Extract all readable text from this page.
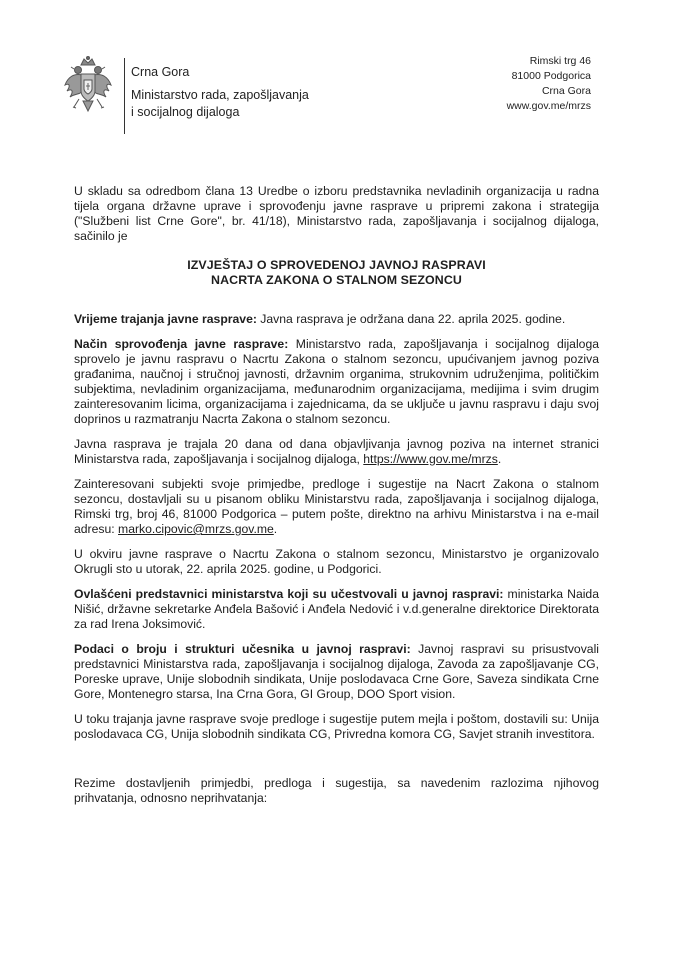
Crna Gora
Ministarstvo rada, zapošljavanja
i socijalnog dijaloga
Rimski trg 46
81000 Podgorica
Crna Gora
www.gov.me/mrzs

U skladu sa odredbom člana 13 Uredbe o izboru predstavnika nevladinih organizacija u radna tijela organa državne uprave i sprovođenju javne rasprave u pripremi zakona i strategija ("Službeni list Crne Gore", br. 41/18), Ministarstvo rada, zapošljavanja i socijalnog dijaloga, sačinilo je

IZVJEŠTAJ O SPROVEDENOJ JAVNOJ RASPRAVI
NACRTA ZAKONA O STALNOM SEZONCU

Vrijeme trajanja javne rasprave: Javna rasprava je održana dana 22. aprila 2025. godine.

Način sprovođenja javne rasprave: Ministarstvo rada, zapošljavanja i socijalnog dijaloga sprovelo je javnu raspravu o Nacrtu Zakona o stalnom sezoncu, upućivanjem javnog poziva građanima, naučnoj i stručnoj javnosti, državnim organima, strukovnim udruženjima, političkim subjektima, nevladinim organizacijama, međunarodnim organizacijama, medijima i svim drugim zainteresovanim licima, organizacijama i zajednicama, da se uključe u javnu raspravu i daju svoj doprinos u razmatranju Nacrta Zakona o stalnom sezoncu.

Javna rasprava je trajala 20 dana od dana objavljivanja javnog poziva na internet stranici Ministarstva rada, zapošljavanja i socijalnog dijaloga, https://www.gov.me/mrzs.

Zainteresovani subjekti svoje primjedbe, predloge i sugestije na Nacrt Zakona o stalnom sezoncu, dostavljali su u pisanom obliku Ministarstvu rada, zapošljavanja i socijalnog dijaloga, Rimski trg, broj 46, 81000 Podgorica – putem pošte, direktno na arhivu Ministarstva i na e-mail adresu: marko.cipovic@mrzs.gov.me.

U okviru javne rasprave o Nacrtu Zakona o stalnom sezoncu, Ministarstvo je organizovalo Okrugli sto u utorak, 22. aprila 2025. godine, u Podgorici.

Ovlašćeni predstavnici ministarstva koji su učestvovali u javnoj raspravi: ministarka Naida Nišić, državne sekretarke Anđela Bašović i Anđela Nedović i v.d.generalne direktorice Direktorata za rad Irena Joksimović.

Podaci o broju i strukturi učesnika u javnoj raspravi: Javnoj raspravi su prisustvovali predstavnici Ministarstva rada, zapošljavanja i socijalnog dijaloga, Zavoda za zapošljavanje CG, Poreske uprave, Unije slobodnih sindikata, Unije poslodavaca Crne Gore, Saveza sindikata Crne Gore, Montenegro starsa, Ina Crna Gora, GI Group, DOO Sport vision.

U toku trajanja javne rasprave svoje predloge i sugestije putem mejla i poštom, dostavili su: Unija poslodavaca CG, Unija slobodnih sindikata CG, Privredna komora CG, Savjet stranih investitora.

Rezime dostavljenih primjedbi, predloga i sugestija, sa navedenim razlozima njihovog prihvatanja, odnosno neprihvatanja:
